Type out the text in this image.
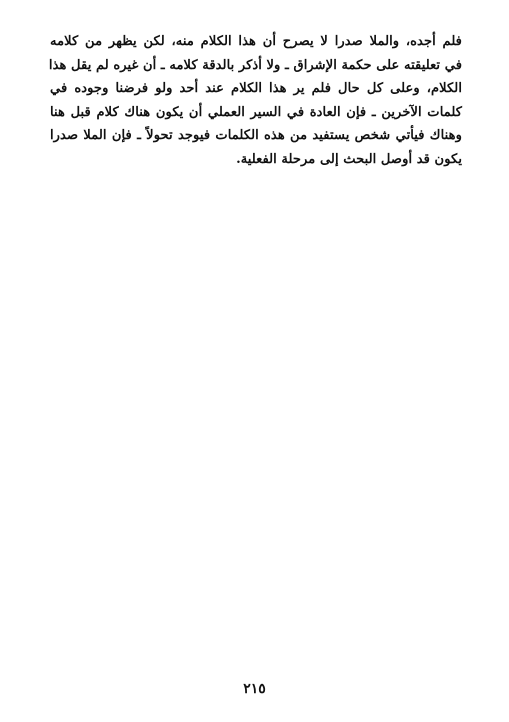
فلم أجده، والملا صدرا لا يصرح أن هذا الكلام منه، لكن يظهر من كلامه
في تعليقته على حكمة الإشراق ـ ولا أذكر بالدقة كلامه ـ أن غيره لم يقل هذا
الكلام، وعلى كل حال فلم ير هذا الكلام عند أحد ولو فرضنا وجوده في
كلمات الآخرين ـ فإن العادة في السير العملي أن يكون هناك كلام قبل هنا
وهناك فيأتي شخص يستفيد من هذه الكلمات فيوجد تحولاً ـ فإن الملا صدرا
يكون قد أوصل البحث إلى مرحلة الفعلية.
٢١٥
